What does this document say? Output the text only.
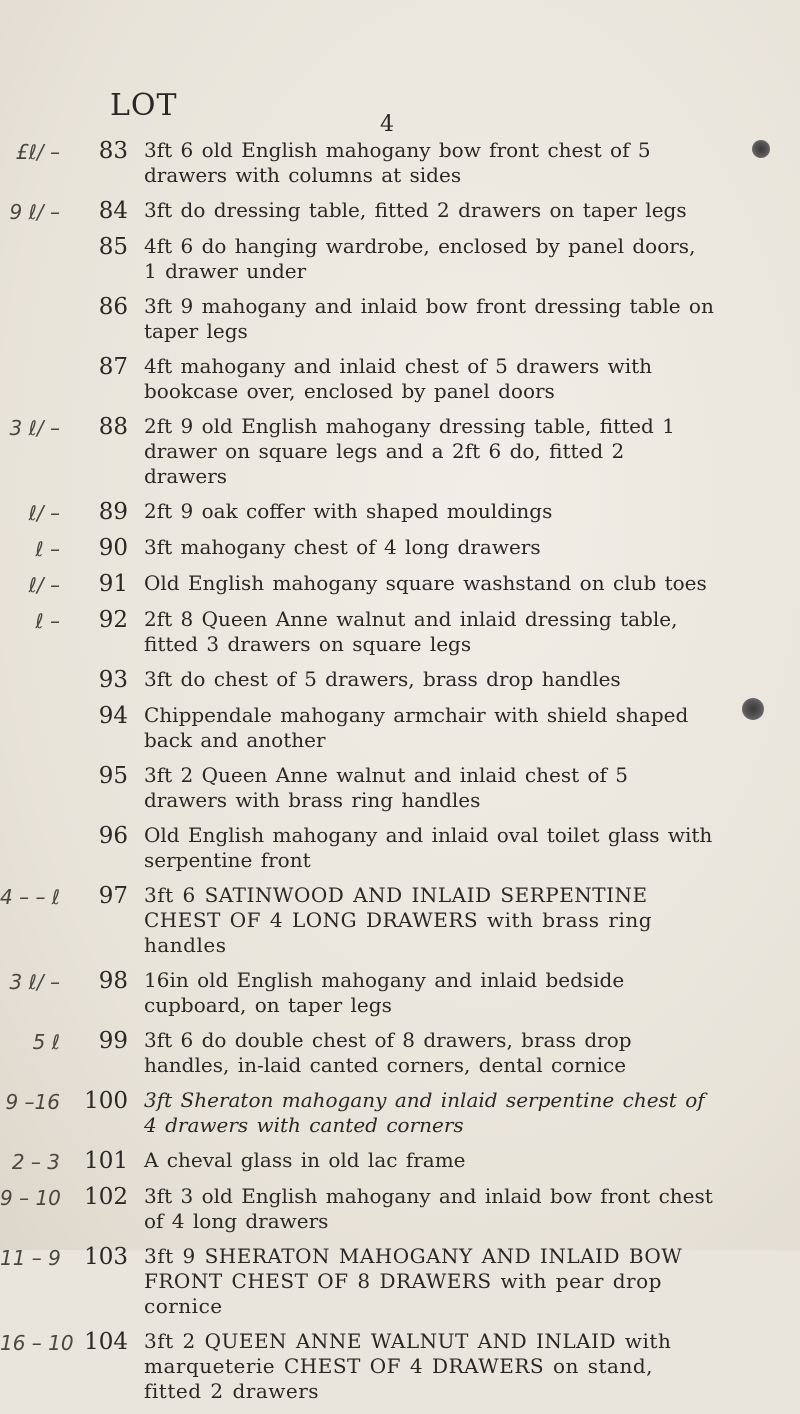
LOT
4
£ℓ/ –	83 3ft 6 old English mahogany bow front chest of 5 drawers with columns at sides
9 ℓ/ –	84 3ft do dressing table, fitted 2 drawers on taper legs
85 4ft 6 do hanging wardrobe, enclosed by panel doors, 1 drawer under
86 3ft 9 mahogany and inlaid bow front dressing table on taper legs
87 4ft mahogany and inlaid chest of 5 drawers with bookcase over, enclosed by panel doors
3 ℓ/ –	88 2ft 9 old English mahogany dressing table, fitted 1 drawer on square legs and a 2ft 6 do, fitted 2 drawers
ℓ/ –	89 2ft 9 oak coffer with shaped mouldings
ℓ –	90 3ft mahogany chest of 4 long drawers
ℓ/ –	91 Old English mahogany square washstand on club toes
ℓ –	92 2ft 8 Queen Anne walnut and inlaid dressing table, fitted 3 drawers on square legs
93 3ft do chest of 5 drawers, brass drop handles
94 Chippendale mahogany armchair with shield shaped back and another
95 3ft 2 Queen Anne walnut and inlaid chest of 5 drawers with brass ring handles
96 Old English mahogany and inlaid oval toilet glass with serpentine front
4 – – ℓ	97 3ft 6 SATINWOOD AND INLAID SERPENTINE CHEST OF 4 LONG DRAWERS with brass ring handles
3 ℓ/ –	98 16in old English mahogany and inlaid bedside cupboard, on taper legs
5 ℓ	99 3ft 6 do double chest of 8 drawers, brass drop handles, in-laid canted corners, dental cornice
9 –16	100 3ft Sheraton mahogany and inlaid serpentine chest of 4 drawers with canted corners
2 – 3	101 A cheval glass in old lac frame
9 – 10	102 3ft 3 old English mahogany and inlaid bow front chest of 4 long drawers
11 – 9	103 3ft 9 SHERATON MAHOGANY AND INLAID BOW FRONT CHEST OF 8 DRAWERS with pear drop cornice
16 – 10 104 3ft 2 QUEEN ANNE WALNUT AND INLAID with marqueterie CHEST OF 4 DRAWERS on stand, fitted 2 drawers
